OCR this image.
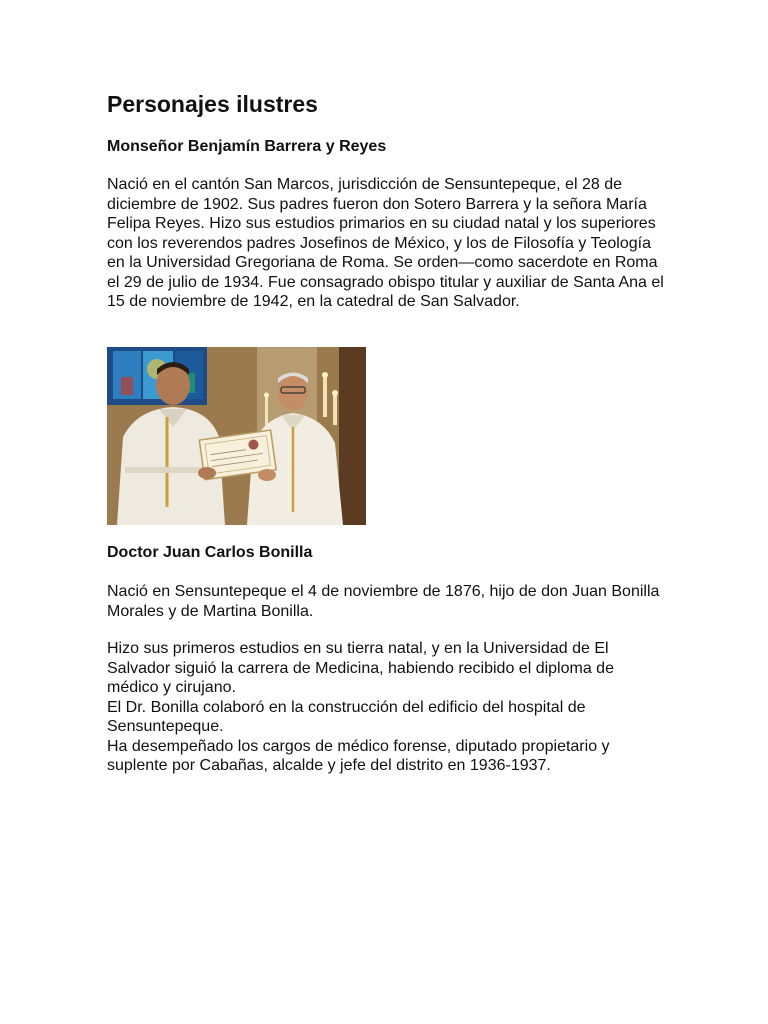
Personajes ilustres
Monseñor Benjamín Barrera y Reyes

Nació en el cantón San Marcos, jurisdicción de Sensuntepeque, el 28 de diciembre de 1902. Sus padres fueron don Sotero Barrera y la señora María Felipa Reyes. Hizo sus estudios primarios en su ciudad natal y los superiores con los reverendos padres Josefinos de México, y los de Filosofía y Teología en la Universidad Gregoriana de Roma. Se orden—como sacerdote en Roma el 29 de julio de 1934. Fue consagrado obispo titular y auxiliar de Santa Ana el 15 de noviembre de 1942, en la catedral de San Salvador.

Doctor Juan Carlos Bonilla

Nació en Sensuntepeque el 4 de noviembre de 1876, hijo de don Juan Bonilla Morales y de Martina Bonilla.

Hizo sus primeros estudios en su tierra natal, y en la Universidad de El Salvador siguió la carrera de Medicina, habiendo recibido el diploma de médico y cirujano.

El Dr. Bonilla colaboró en la construcción del edificio del hospital de Sensuntepeque.

Ha desempeñado los cargos de médico forense, diputado propietario y suplente por Cabañas, alcalde y jefe del distrito en 1936-1937.
